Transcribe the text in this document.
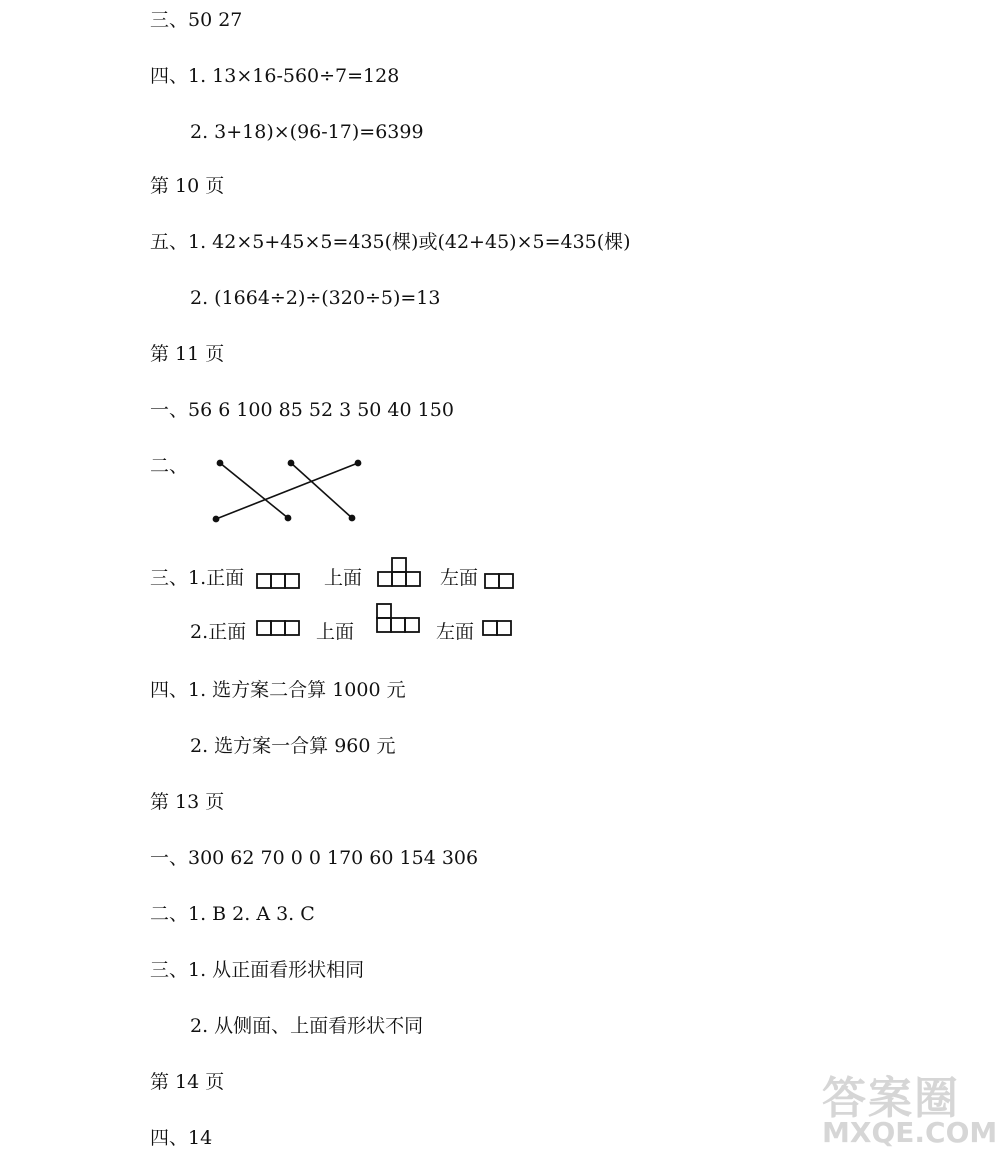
三、50 27
四、1. 13×16-560÷7=128
2. 3+18)×(96-17)=6399
第 10 页
五、1. 42×5+45×5=435(棵)或(42+45)×5=435(棵)
2. (1664÷2)÷(320÷5)=13
第 11 页
一、56 6 100 85 52 3 50 40 150
二、
三、1.正面	上面	左面
2.正面	上面	左面
四、1. 选方案二合算 1000 元
2. 选方案一合算 960 元
第 13 页
一、300 62 70 0 0 170 60 154 306
二、1. B 2. A 3. C
三、1. 从正面看形状相同
2. 从侧面、上面看形状不同
第 14 页
四、14
答案圈
MXQE.COM
